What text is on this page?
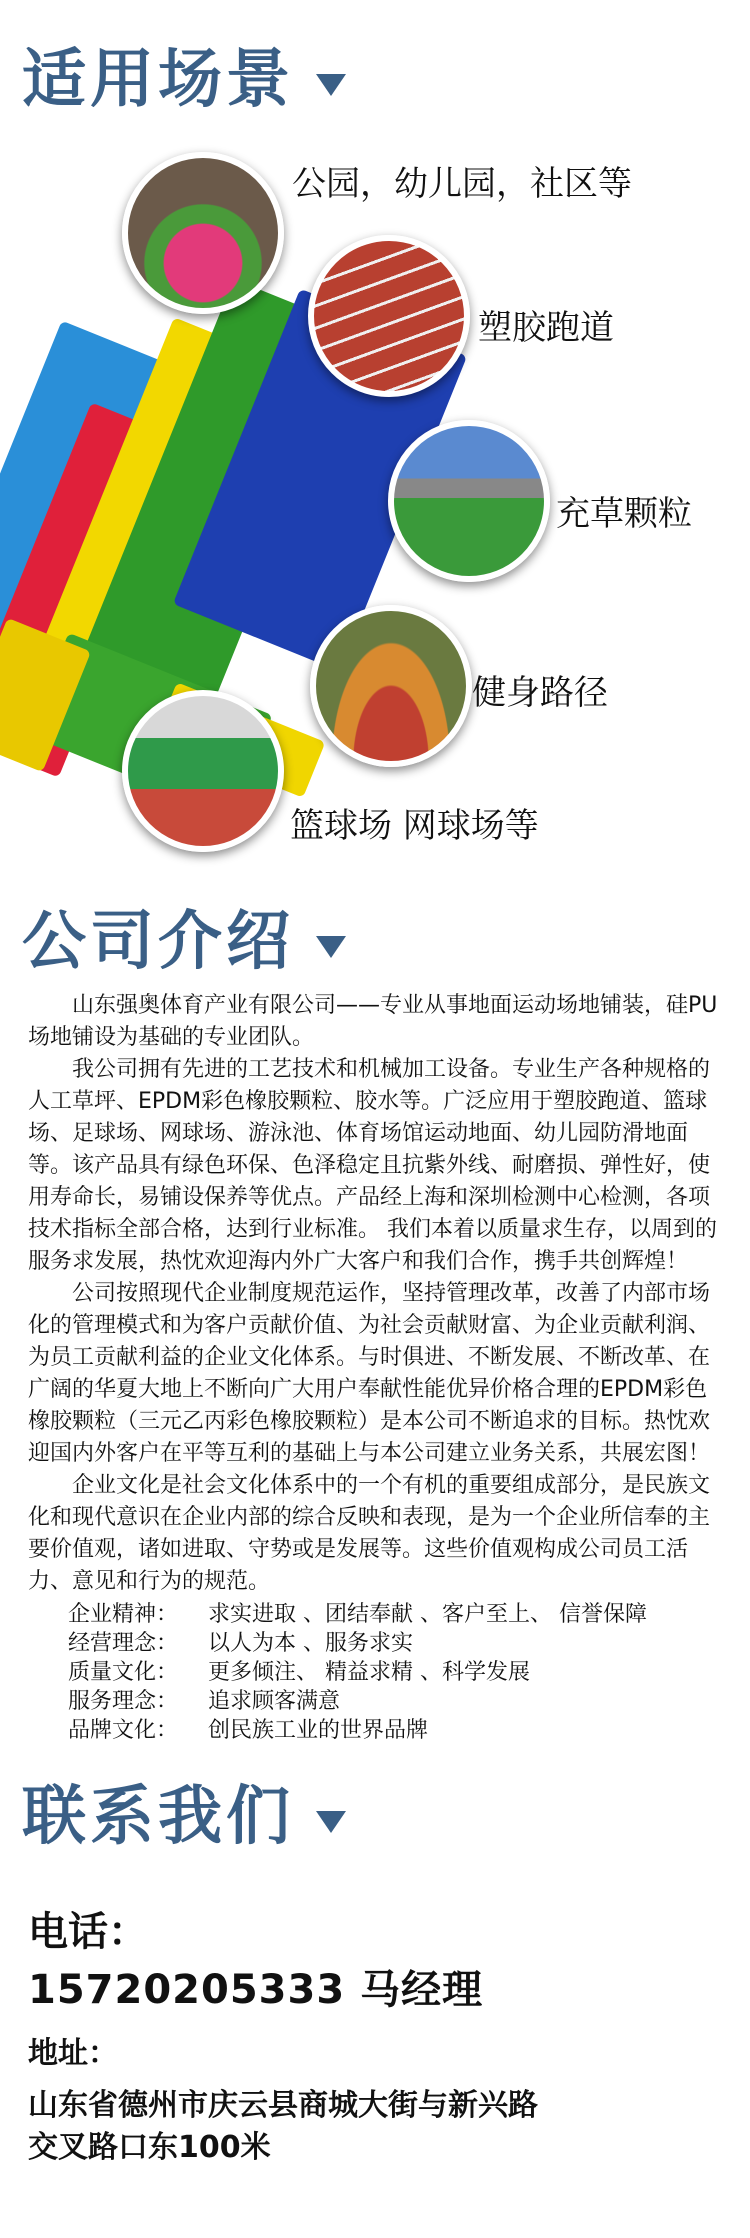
适用场景
公园，幼儿园，社区等
塑胶跑道
充草颗粒
健身路径
篮球场 网球场等
公司介绍

山东强奥体育产业有限公司——专业从事地面运动场地铺装，硅PU场地铺设为基础的专业团队。

我公司拥有先进的工艺技术和机械加工设备。专业生产各种规格的人工草坪、EPDM彩色橡胶颗粒、胶水等。广泛应用于塑胶跑道、篮球场、足球场、网球场、游泳池、体育场馆运动地面、幼儿园防滑地面等。该产品具有绿色环保、色泽稳定且抗紫外线、耐磨损、弹性好，使用寿命长，易铺设保养等优点。产品经上海和深圳检测中心检测，各项技术指标全部合格，达到行业标准。 我们本着以质量求生存，以周到的服务求发展，热忱欢迎海内外广大客户和我们合作，携手共创辉煌！

公司按照现代企业制度规范运作，坚持管理改革，改善了内部市场化的管理模式和为客户贡献价值、为社会贡献财富、为企业贡献利润、为员工贡献利益的企业文化体系。与时俱进、不断发展、不断改革、在广阔的华夏大地上不断向广大用户奉献性能优异价格合理的EPDM彩色橡胶颗粒（三元乙丙彩色橡胶颗粒）是本公司不断追求的目标。热忱欢迎国内外客户在平等互利的基础上与本公司建立业务关系，共展宏图！

企业文化是社会文化体系中的一个有机的重要组成部分，是民族文化和现代意识在企业内部的综合反映和表现，是为一个企业所信奉的主要价值观，诸如进取、守势或是发展等。这些价值观构成公司员工活力、意见和行为的规范。

企业精神： 求实进取 、团结奉献 、客户至上、 信誉保障
经营理念： 以人为本 、服务求实
质量文化： 更多倾注、 精益求精 、科学发展
服务理念： 追求顾客满意
品牌文化： 创民族工业的世界品牌
联系我们
电话：
15720205333 马经理
地址：
山东省德州市庆云县商城大街与新兴路
交叉路口东100米
